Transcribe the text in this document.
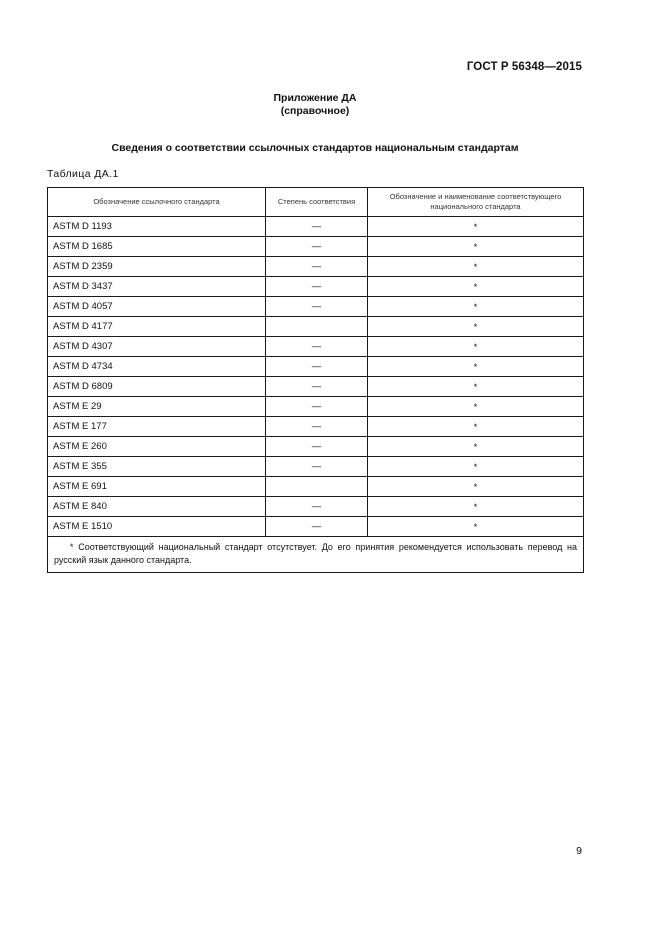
ГОСТ Р 56348—2015
Приложение ДА
(справочное)
Сведения о соответствии ссылочных стандартов национальным стандартам
Таблица ДА.1
Обозначение ссылочного стандарта	Степень соответствия	Обозначение и наименование соответствующего национального стандарта
ASTM D 1193	—	*
ASTM D 1685	—	*
ASTM D 2359	—	*
ASTM D 3437	—	*
ASTM D 4057	—	*
ASTM D 4177		*
ASTM D 4307	—	*
ASTM D 4734	—	*
ASTM D 6809	—	*
ASTM E 29	—	*
ASTM E 177	—	*
ASTM E 260	—	*
ASTM E 355	—	*
ASTM E 691		*
ASTM E 840	—	*
ASTM E 1510	—	*
* Соответствующий национальный стандарт отсутствует. До его принятия рекомендуется использовать перевод на русский язык данного стандарта.		
9
